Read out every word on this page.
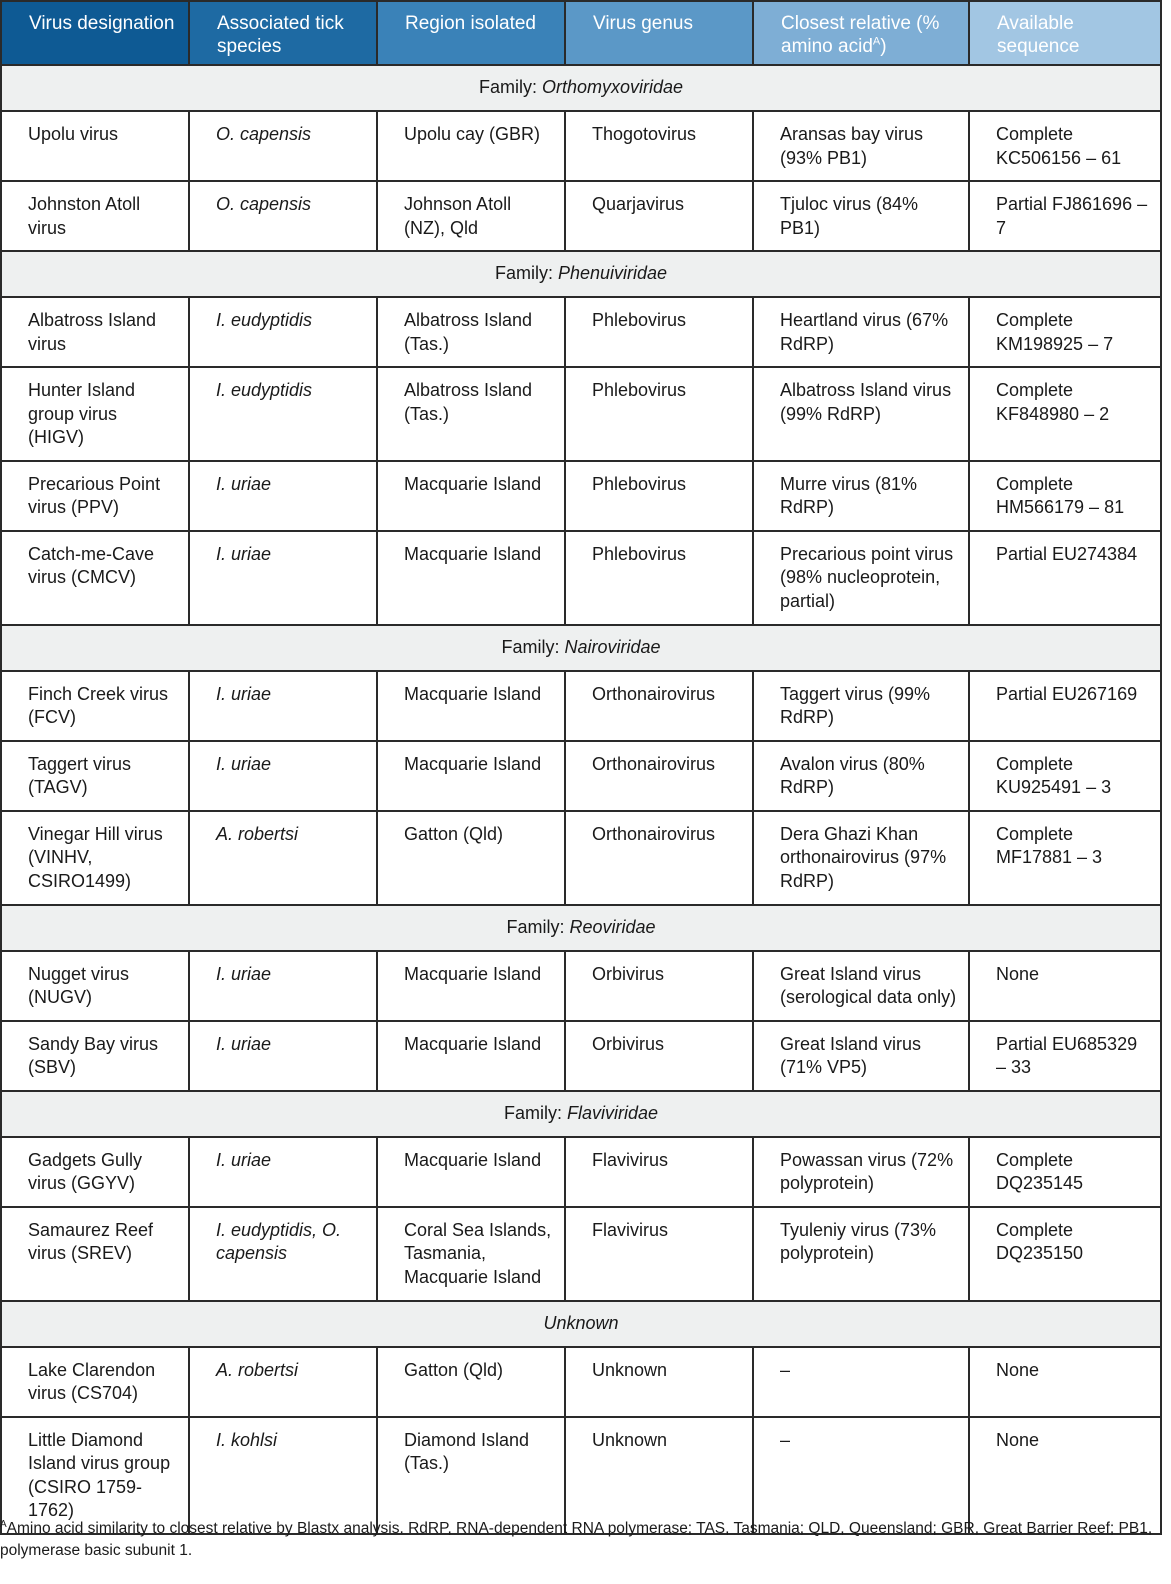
Virus designation	Associated tick species	Region isolated	Virus genus	Closest relative (% amino acid$^A$)	Available sequence
Family: Orthomyxoviridae					
Upolu virus	O. capensis	Upolu cay (GBR)	Thogotovirus	Aransas bay virus (93% PB1)	Complete KC506156 – 61
Johnston Atoll virus	O. capensis	Johnson Atoll (NZ), Qld	Quarjavirus	Tjuloc virus (84% PB1)	Partial FJ861696 – 7
Family: Phenuiviridae					
Albatross Island virus	I. eudyptidis	Albatross Island (Tas.)	Phlebovirus	Heartland virus (67% RdRP)	Complete KM198925 – 7
Hunter Island group virus (HIGV)	I. eudyptidis	Albatross Island (Tas.)	Phlebovirus	Albatross Island virus (99% RdRP)	Complete KF848980 – 2
Precarious Point virus (PPV)	I. uriae	Macquarie Island	Phlebovirus	Murre virus (81% RdRP)	Complete HM566179 – 81
Catch-me-Cave virus (CMCV)	I. uriae	Macquarie Island	Phlebovirus	Precarious point virus (98% nucleoprotein, partial)	Partial EU274384
Family: Nairoviridae					
Finch Creek virus (FCV)	I. uriae	Macquarie Island	Orthonairovirus	Taggert virus (99% RdRP)	Partial EU267169
Taggert virus (TAGV)	I. uriae	Macquarie Island	Orthonairovirus	Avalon virus (80% RdRP)	Complete KU925491 – 3
Vinegar Hill virus (VINHV, CSIRO1499)	A. robertsi	Gatton (Qld)	Orthonairovirus	Dera Ghazi Khan orthonairovirus (97% RdRP)	Complete MF17881 – 3
Family: Reoviridae					
Nugget virus (NUGV)	I. uriae	Macquarie Island	Orbivirus	Great Island virus (serological data only)	None
Sandy Bay virus (SBV)	I. uriae	Macquarie Island	Orbivirus	Great Island virus (71% VP5)	Partial EU685329 – 33
Family: Flaviviridae					
Gadgets Gully virus (GGYV)	I. uriae	Macquarie Island	Flavivirus	Powassan virus (72% polyprotein)	Complete DQ235145
Samaurez Reef virus (SREV)	I. eudyptidis, O. capensis	Coral Sea Islands, Tasmania, Macquarie Island	Flavivirus	Tyuleniy virus (73% polyprotein)	Complete DQ235150
Unknown					
Lake Clarendon virus (CS704)	A. robertsi	Gatton (Qld)	Unknown	–	None
Little Diamond Island virus group (CSIRO 1759-1762)	I. kohlsi	Diamond Island (Tas.)	Unknown	–	None
$^A$Amino acid similarity to closest relative by Blastx analysis. RdRP, RNA-dependent RNA polymerase; TAS, Tasmania; QLD, Queensland; GBR, Great Barrier Reef; PB1, polymerase basic subunit 1.
